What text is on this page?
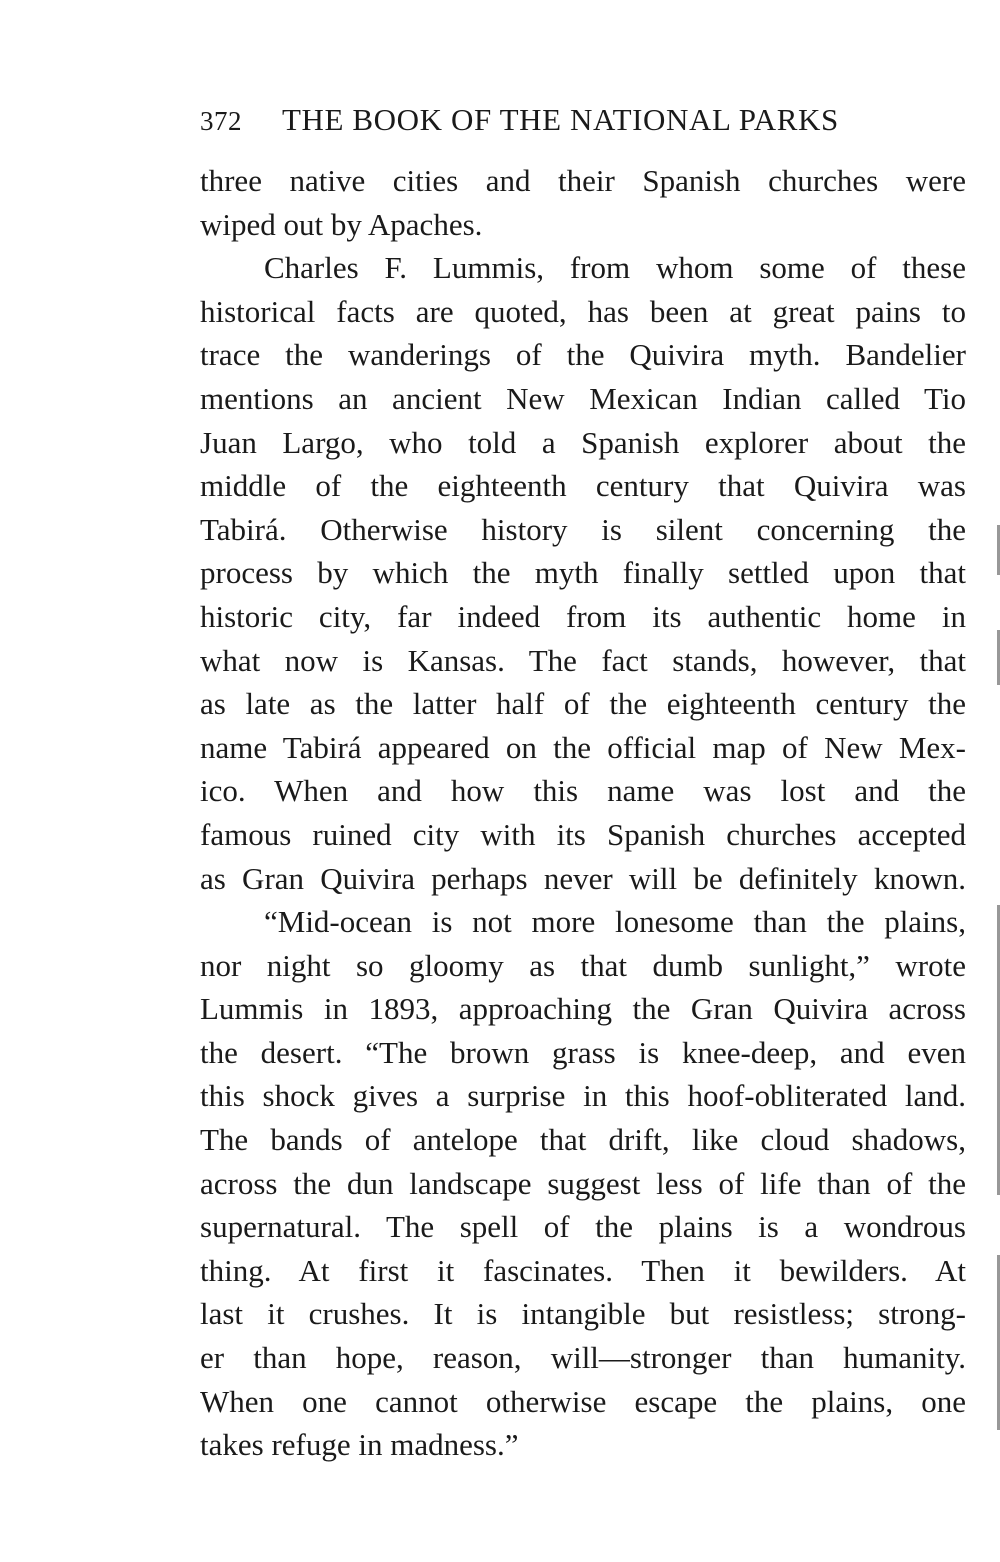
372 THE BOOK OF THE NATIONAL PARKS
three native cities and their Spanish churches were
wiped out by Apaches.
Charles F. Lummis, from whom some of these
historical facts are quoted, has been at great pains to
trace the wanderings of the Quivira myth. Bandelier
mentions an ancient New Mexican Indian called Tio
Juan Largo, who told a Spanish explorer about the
middle of the eighteenth century that Quivira was
Tabirá. Otherwise history is silent concerning the
process by which the myth finally settled upon that
historic city, far indeed from its authentic home in
what now is Kansas. The fact stands, however, that
as late as the latter half of the eighteenth century the
name Tabirá appeared on the official map of New Mex-
ico. When and how this name was lost and the
famous ruined city with its Spanish churches accepted
as Gran Quivira perhaps never will be definitely known.
“Mid-ocean is not more lonesome than the plains,
nor night so gloomy as that dumb sunlight,” wrote
Lummis in 1893, approaching the Gran Quivira across
the desert. “The brown grass is knee-deep, and even
this shock gives a surprise in this hoof-obliterated land.
The bands of antelope that drift, like cloud shadows,
across the dun landscape suggest less of life than of the
supernatural. The spell of the plains is a wondrous
thing. At first it fascinates. Then it bewilders. At
last it crushes. It is intangible but resistless; strong-
er than hope, reason, will—stronger than humanity.
When one cannot otherwise escape the plains, one
takes refuge in madness.”
